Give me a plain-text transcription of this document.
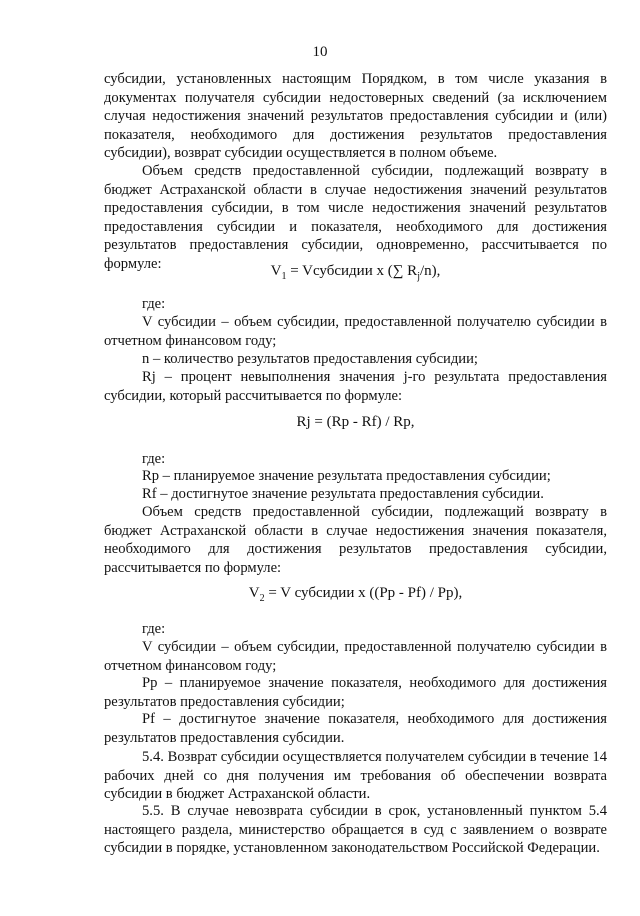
10

субсидии, установленных настоящим Порядком, в том числе указания в документах получателя субсидии недостоверных сведений (за исключением случая недостижения значений результатов предоставления субсидии и (или) показателя, необходимого для достижения результатов предоставления субсидии), возврат субсидии осуществляется в полном объеме.

Объем средств предоставленной субсидии, подлежащий возврату в бюджет Астраханской области в случае недостижения значений результатов предоставления субсидии, в том числе недостижения значений результатов предоставления субсидии и показателя, необходимого для достижения результатов предоставления субсидии, одновременно, рассчитывается по формуле:	$V_1$ = Vсубсидии x (∑ $R_j/n$),

где:

V субсидии – объем субсидии, предоставленной получателю субсидии в отчетном финансовом году;

n – количество результатов предоставления субсидии;

Rj – процент невыполнения значения j-го результата предоставления субсидии, который рассчитывается по формуле:

Rj = (Rp - Rf) / Rp,

где:

Rp – планируемое значение результата предоставления субсидии;

Rf – достигнутое значение результата предоставления субсидии.

Объем средств предоставленной субсидии, подлежащий возврату в бюджет Астраханской области в случае недостижения значения показателя, необходимого для достижения результатов предоставления субсидии, рассчитывается по формуле:

$V_2 = V$ субсидии x ((Pp - Pf) / Pp),

где:

V субсидии – объем субсидии, предоставленной получателю субсидии в отчетном финансовом году;

Pp – планируемое значение показателя, необходимого для достижения результатов предоставления субсидии;

Pf – достигнутое значение показателя, необходимого для достижения результатов предоставления субсидии.

5.4. Возврат субсидии осуществляется получателем субсидии в течение 14 рабочих дней со дня получения им требования об обеспечении возврата субсидии в бюджет Астраханской области.

5.5. В случае невозврата субсидии в срок, установленный пунктом 5.4 настоящего раздела, министерство обращается в суд с заявлением о возврате субсидии в порядке, установленном законодательством Российской Федерации.
